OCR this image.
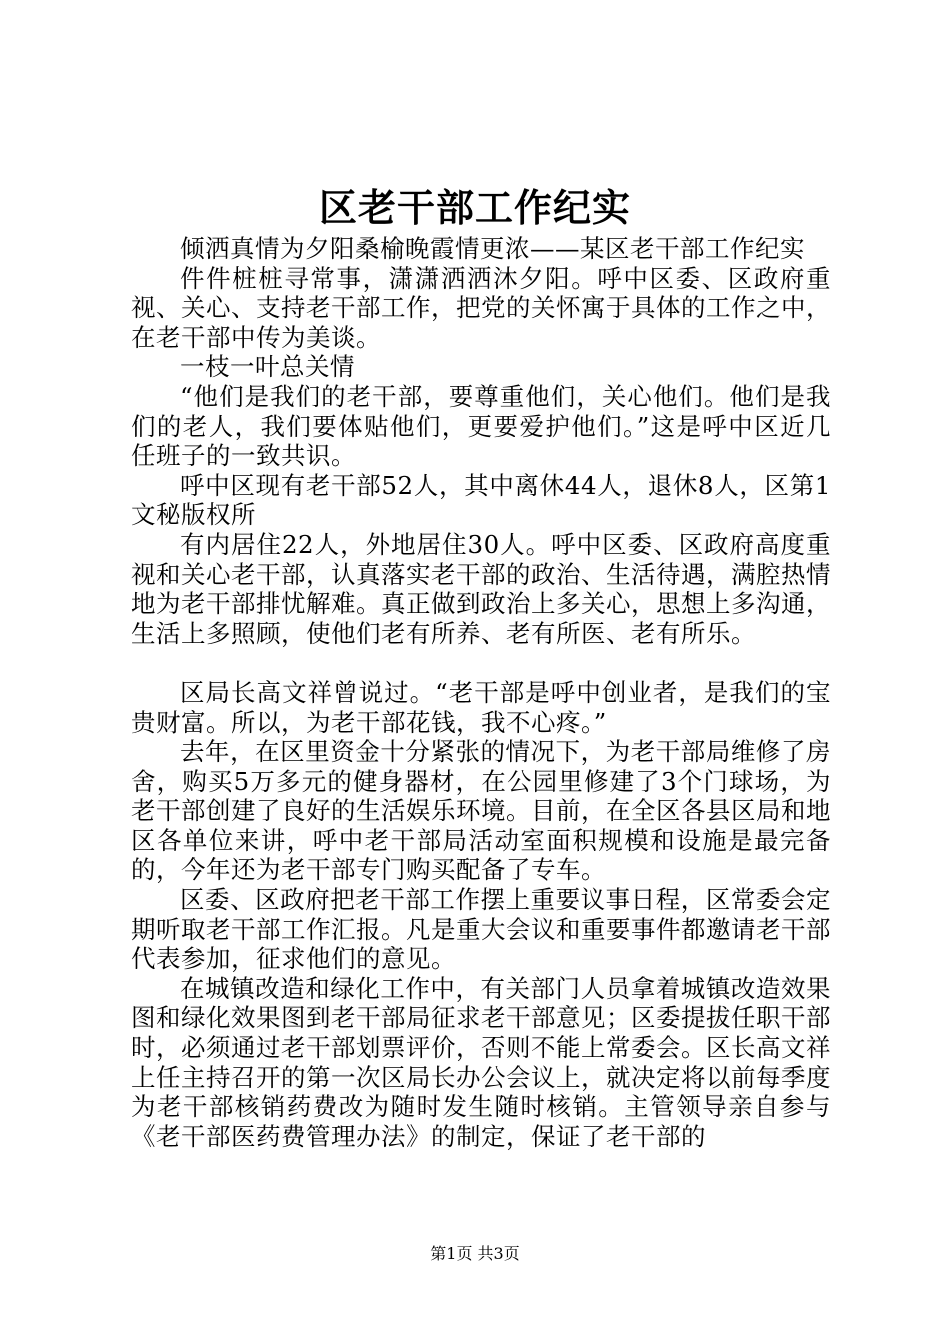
区老干部工作纪实

倾洒真情为夕阳桑榆晚霞情更浓——某区老干部工作纪实

件件桩桩寻常事，潇潇洒洒沐夕阳。呼中区委、区政府重视、关心、支持老干部工作，把党的关怀寓于具体的工作之中，在老干部中传为美谈。

一枝一叶总关情

“他们是我们的老干部，要尊重他们，关心他们。他们是我们的老人，我们要体贴他们，更要爱护他们。”这是呼中区近几任班子的一致共识。

呼中区现有老干部52人，其中离休44人，退休8人，区第1文秘版权所

有内居住22人，外地居住30人。呼中区委、区政府高度重视和关心老干部，认真落实老干部的政治、生活待遇，满腔热情地为老干部排忧解难。真正做到政治上多关心，思想上多沟通，生活上多照顾，使他们老有所养、老有所医、老有所乐。

区局长高文祥曾说过。“老干部是呼中创业者，是我们的宝贵财富。所以，为老干部花钱，我不心疼。”

去年，在区里资金十分紧张的情况下，为老干部局维修了房舍，购买5万多元的健身器材，在公园里修建了3个门球场，为老干部创建了良好的生活娱乐环境。目前，在全区各县区局和地区各单位来讲，呼中老干部局活动室面积规模和设施是最完备的，今年还为老干部专门购买配备了专车。

区委、区政府把老干部工作摆上重要议事日程，区常委会定期听取老干部工作汇报。凡是重大会议和重要事件都邀请老干部代表参加，征求他们的意见。

在城镇改造和绿化工作中，有关部门人员拿着城镇改造效果图和绿化效果图到老干部局征求老干部意见；区委提拔任职干部时，必须通过老干部划票评价，否则不能上常委会。区长高文祥上任主持召开的第一次区局长办公会议上，就决定将以前每季度为老干部核销药费改为随时发生随时核销。主管领导亲自参与《老干部医药费管理办法》的制定，保证了老干部的

第1页 共3页
